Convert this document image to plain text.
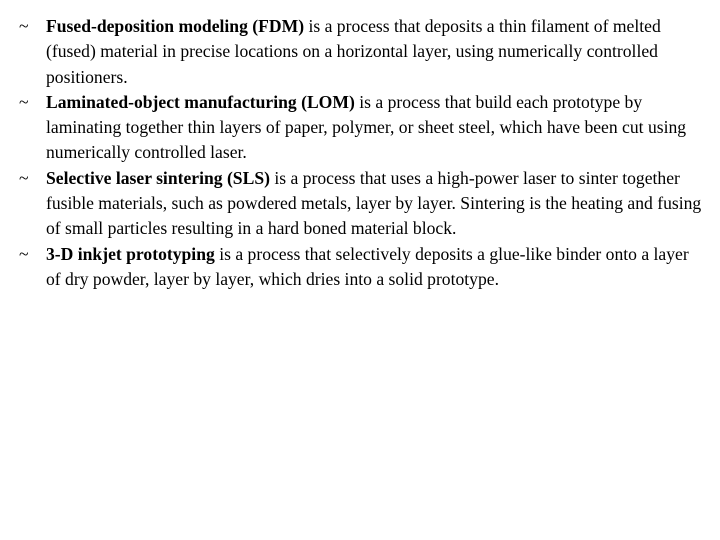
~ Fused-deposition modeling (FDM) is a process that deposits a thin filament of melted (fused) material in precise locations on a horizontal layer, using numerically controlled positioners.
~ Laminated-object manufacturing (LOM) is a process that build each prototype by laminating together thin layers of paper, polymer, or sheet steel, which have been cut using numerically controlled laser.
~ Selective laser sintering (SLS) is a process that uses a high-power laser to sinter together fusible materials, such as powdered metals, layer by layer. Sintering is the heating and fusing of small particles resulting in a hard boned material block.
~ 3-D inkjet prototyping is a process that selectively deposits a glue-like binder onto a layer of dry powder, layer by layer, which dries into a solid prototype.
